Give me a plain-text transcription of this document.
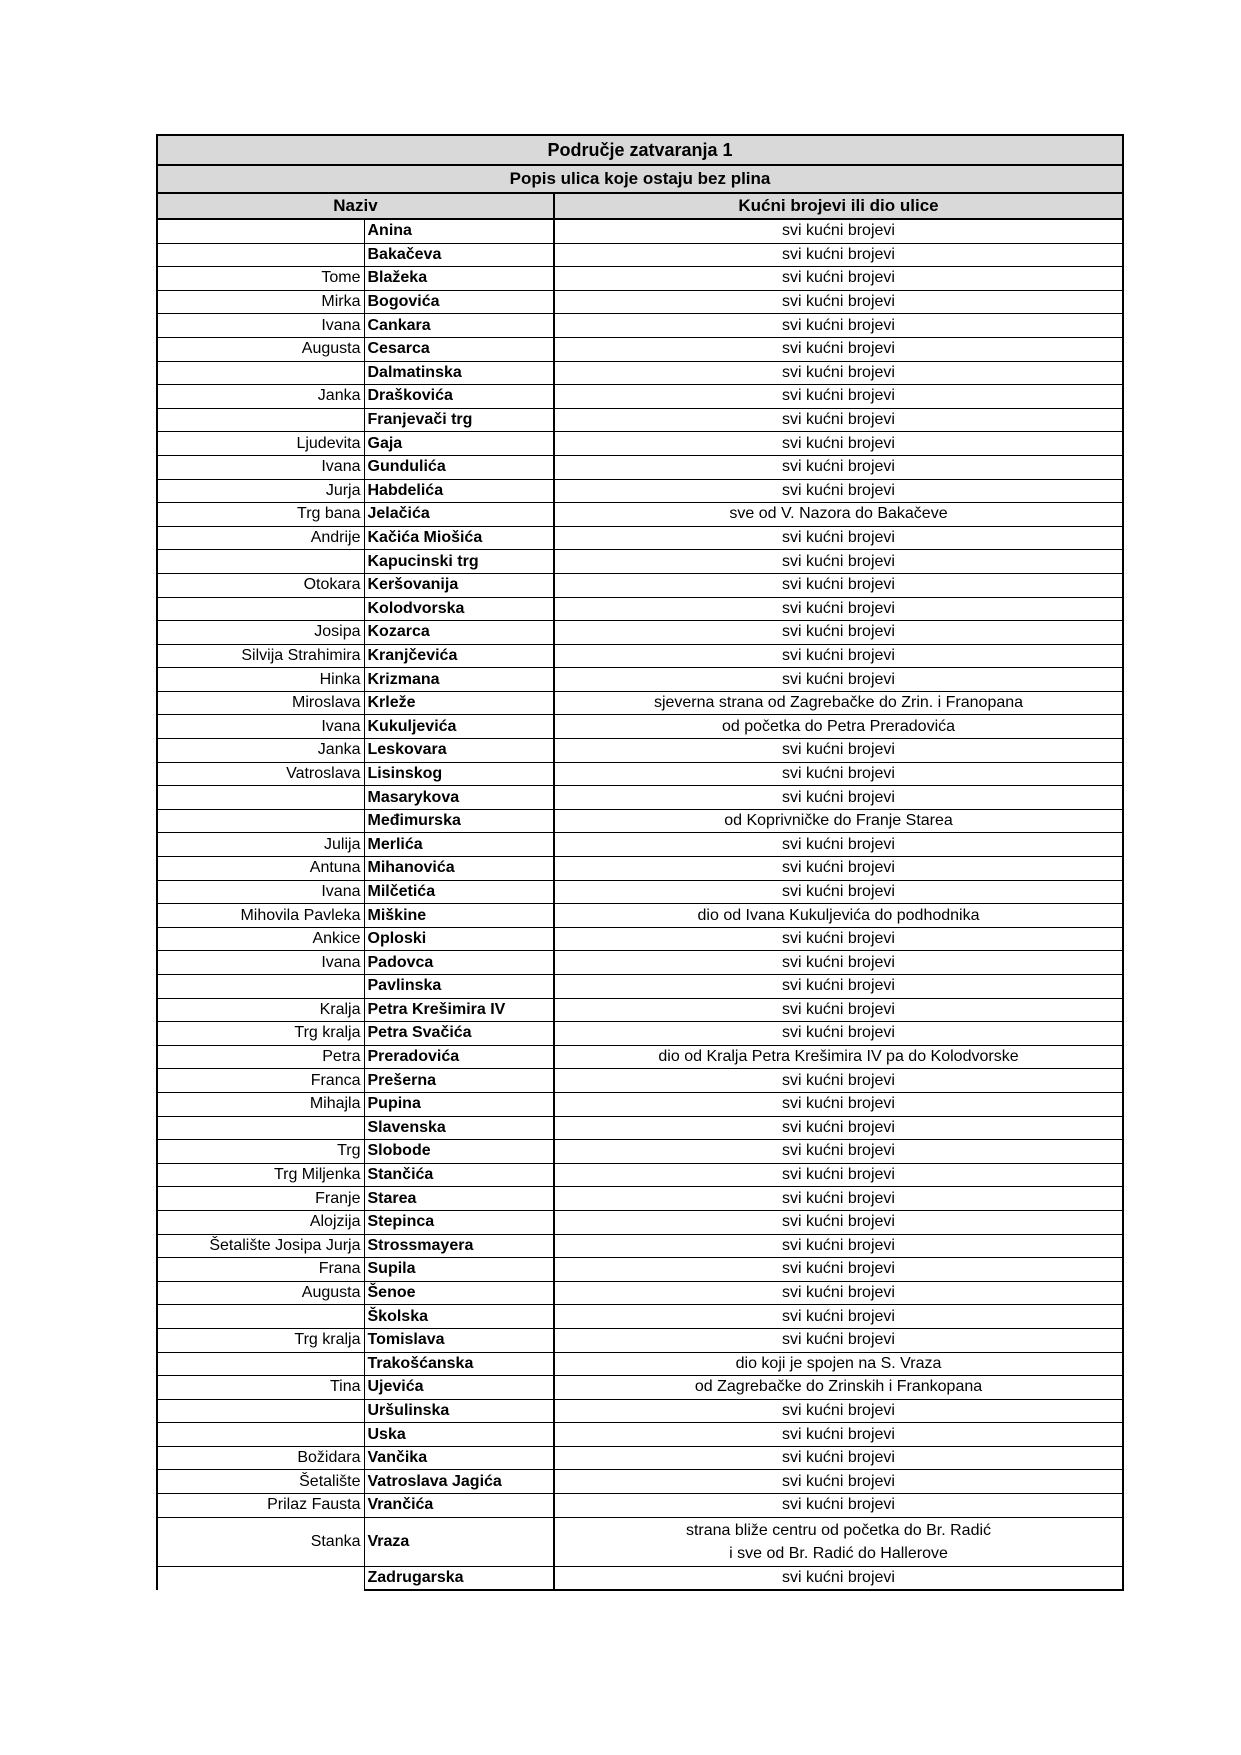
Područje zatvaranja 1		
Popis ulica koje ostaju bez plina		
Naziv		Kućni brojevi ili dio ulice
	Anina	svi kućni brojevi
	Bakačeva	svi kućni brojevi
Tome	Blažeka	svi kućni brojevi
Mirka	Bogovića	svi kućni brojevi
Ivana	Cankara	svi kućni brojevi
Augusta	Cesarca	svi kućni brojevi
	Dalmatinska	svi kućni brojevi
Janka	Draškovića	svi kućni brojevi
	Franjevači trg	svi kućni brojevi
Ljudevita	Gaja	svi kućni brojevi
Ivana	Gundulića	svi kućni brojevi
Jurja	Habdelića	svi kućni brojevi
Trg bana	Jelačića	sve od V. Nazora do Bakačeve
Andrije	Kačića Miošića	svi kućni brojevi
	Kapucinski trg	svi kućni brojevi
Otokara	Keršovanija	svi kućni brojevi
	Kolodvorska	svi kućni brojevi
Josipa	Kozarca	svi kućni brojevi
Silvija Strahimira	Kranjčevića	svi kućni brojevi
Hinka	Krizmana	svi kućni brojevi
Miroslava	Krleže	sjeverna strana od Zagrebačke do Zrin. i Franopana
Ivana	Kukuljevića	od početka do Petra Preradovića
Janka	Leskovara	svi kućni brojevi
Vatroslava	Lisinskog	svi kućni brojevi
	Masarykova	svi kućni brojevi
	Međimurska	od Koprivničke do Franje Starea
Julija	Merlića	svi kućni brojevi
Antuna	Mihanovića	svi kućni brojevi
Ivana	Milčetića	svi kućni brojevi
Mihovila Pavleka	Miškine	dio od Ivana Kukuljevića do podhodnika
Ankice	Oploski	svi kućni brojevi
Ivana	Padovca	svi kućni brojevi
	Pavlinska	svi kućni brojevi
Kralja	Petra Krešimira IV	svi kućni brojevi
Trg kralja	Petra Svačića	svi kućni brojevi
Petra	Preradovića	dio od Kralja Petra Krešimira IV pa do Kolodvorske
Franca	Prešerna	svi kućni brojevi
Mihajla	Pupina	svi kućni brojevi
	Slavenska	svi kućni brojevi
Trg	Slobode	svi kućni brojevi
Trg Miljenka	Stančića	svi kućni brojevi
Franje	Starea	svi kućni brojevi
Alojzija	Stepinca	svi kućni brojevi
Šetalište Josipa Jurja	Strossmayera	svi kućni brojevi
Frana	Supila	svi kućni brojevi
Augusta	Šenoe	svi kućni brojevi
	Školska	svi kućni brojevi
Trg kralja	Tomislava	svi kućni brojevi
	Trakošćanska	dio koji je spojen na S. Vraza
Tina	Ujevića	od Zagrebačke do Zrinskih i Frankopana
	Uršulinska	svi kućni brojevi
	Uska	svi kućni brojevi
Božidara	Vančika	svi kućni brojevi
Šetalište	Vatroslava Jagića	svi kućni brojevi
Prilaz Fausta	Vrančića	svi kućni brojevi
Stanka	Vraza	strana bliže centru od početka do Br. Radić
i sve od Br. Radić do Hallerove

	Zadrugarska	svi kućni brojevi
